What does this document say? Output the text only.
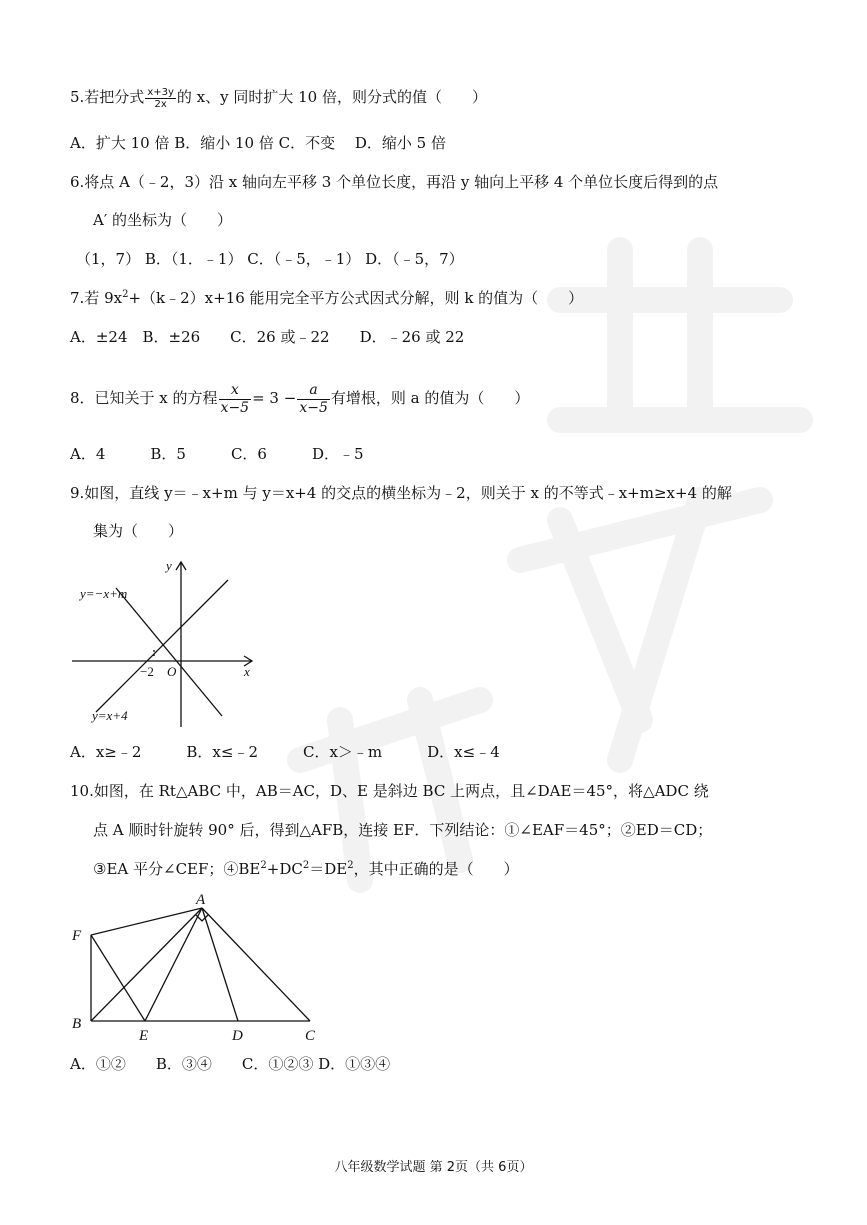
5.若把分式 $\frac{x+3y}{2x}$ 的 x、y 同时扩大 10 倍，则分式的值（　　）
A．扩大 10 倍 B．缩小 10 倍 C．不变　 D．缩小 5 倍
6.将点 A（﹣2，3）沿 x 轴向左平移 3 个单位长度，再沿 y 轴向上平移 4 个单位长度后得到的点
A′ 的坐标为（　　）
（1，7） B．（1．﹣1） C．（﹣5，﹣1） D．（﹣5，7）
7.若 $9x^2+(k﹣2)x+16$ 能用完全平方公式因式分解，则 k 的值为（　　）
A．±24　B．±26　　C．26 或﹣22　　D．﹣26 或 22
8．已知关于 x 的方程 $\frac{x}{x-5} = 3 - \frac{a}{x-5}$ 有增根，则 a 的值为（　　）
A．4　　　B．5　　　C．6　　　D．﹣5
9.如图，直线 y＝﹣x+m 与 y＝x+4 的交点的横坐标为﹣2，则关于 x 的不等式﹣x+m≥x+4 的解
集为（　　）
y=−x+m
y=x+4
y
x
O
−2
A．x≥﹣2　　　B．x≤﹣2　　　C．x＞﹣m　　　D．x≤﹣4
10.如图，在 Rt△ABC 中，AB＝AC，D、E 是斜边 BC 上两点，且∠DAE＝45°，将△ADC 绕
点 A 顺时针旋转 90° 后，得到△AFB，连接 EF．下列结论：①∠EAF＝45°；②ED＝CD；
③EA 平分∠CEF；$④BE^2+DC^2=DE^2$，其中正确的是（　　）
A
F
B
E	D	C
A．①②　　B．③④　　C．①②③ D．①③④
八年级数学试题 第 2页（共 6页）
